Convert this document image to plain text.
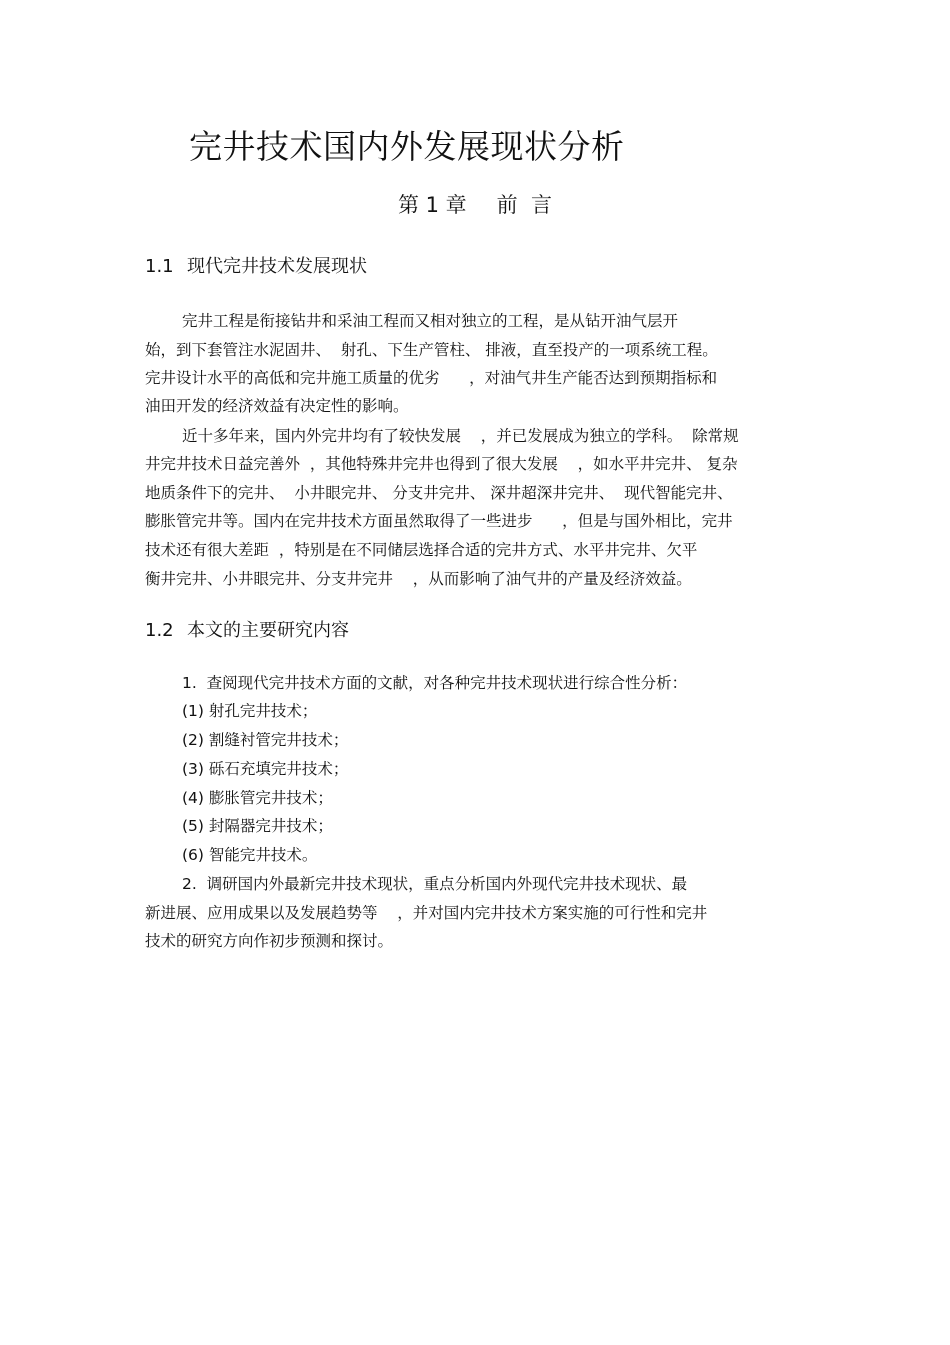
完井技术国内外发展现状分析
第 1 章 前  言
1.1 现代完井技术发展现状
完井工程是衔接钻井和采油工程而又相对独立的工程，是从钻开油气层开
始，到下套管注水泥固井、  射孔、下生产管柱、 排液，直至投产的一项系统工程。
完井设计水平的高低和完井施工质量的优劣      ，对油气井生产能否达到预期指标和
油田开发的经济效益有决定性的影响。
近十多年来，国内外完井均有了较快发展    ，并已发展成为独立的学科。  除常规
井完井技术日益完善外  ，其他特殊井完井也得到了很大发展    ，如水平井完井、 复杂
地质条件下的完井、  小井眼完井、 分支井完井、 深井超深井完井、  现代智能完井、
膨胀管完井等。国内在完井技术方面虽然取得了一些进步      ，但是与国外相比，完井
技术还有很大差距  ，特别是在不同储层选择合适的完井方式、水平井完井、欠平
衡井完井、小井眼完井、分支井完井    ，从而影响了油气井的产量及经济效益。
1.2 本文的主要研究内容
1.  查阅现代完井技术方面的文献，对各种完井技术现状进行综合性分析：
(1) 射孔完井技术；
(2) 割缝衬管完井技术；
(3) 砾石充填完井技术；
(4) 膨胀管完井技术；
(5) 封隔器完井技术；
(6) 智能完井技术。
2.  调研国内外最新完井技术现状，重点分析国内外现代完井技术现状、最
新进展、应用成果以及发展趋势等    ，并对国内完井技术方案实施的可行性和完井
技术的研究方向作初步预测和探讨。
